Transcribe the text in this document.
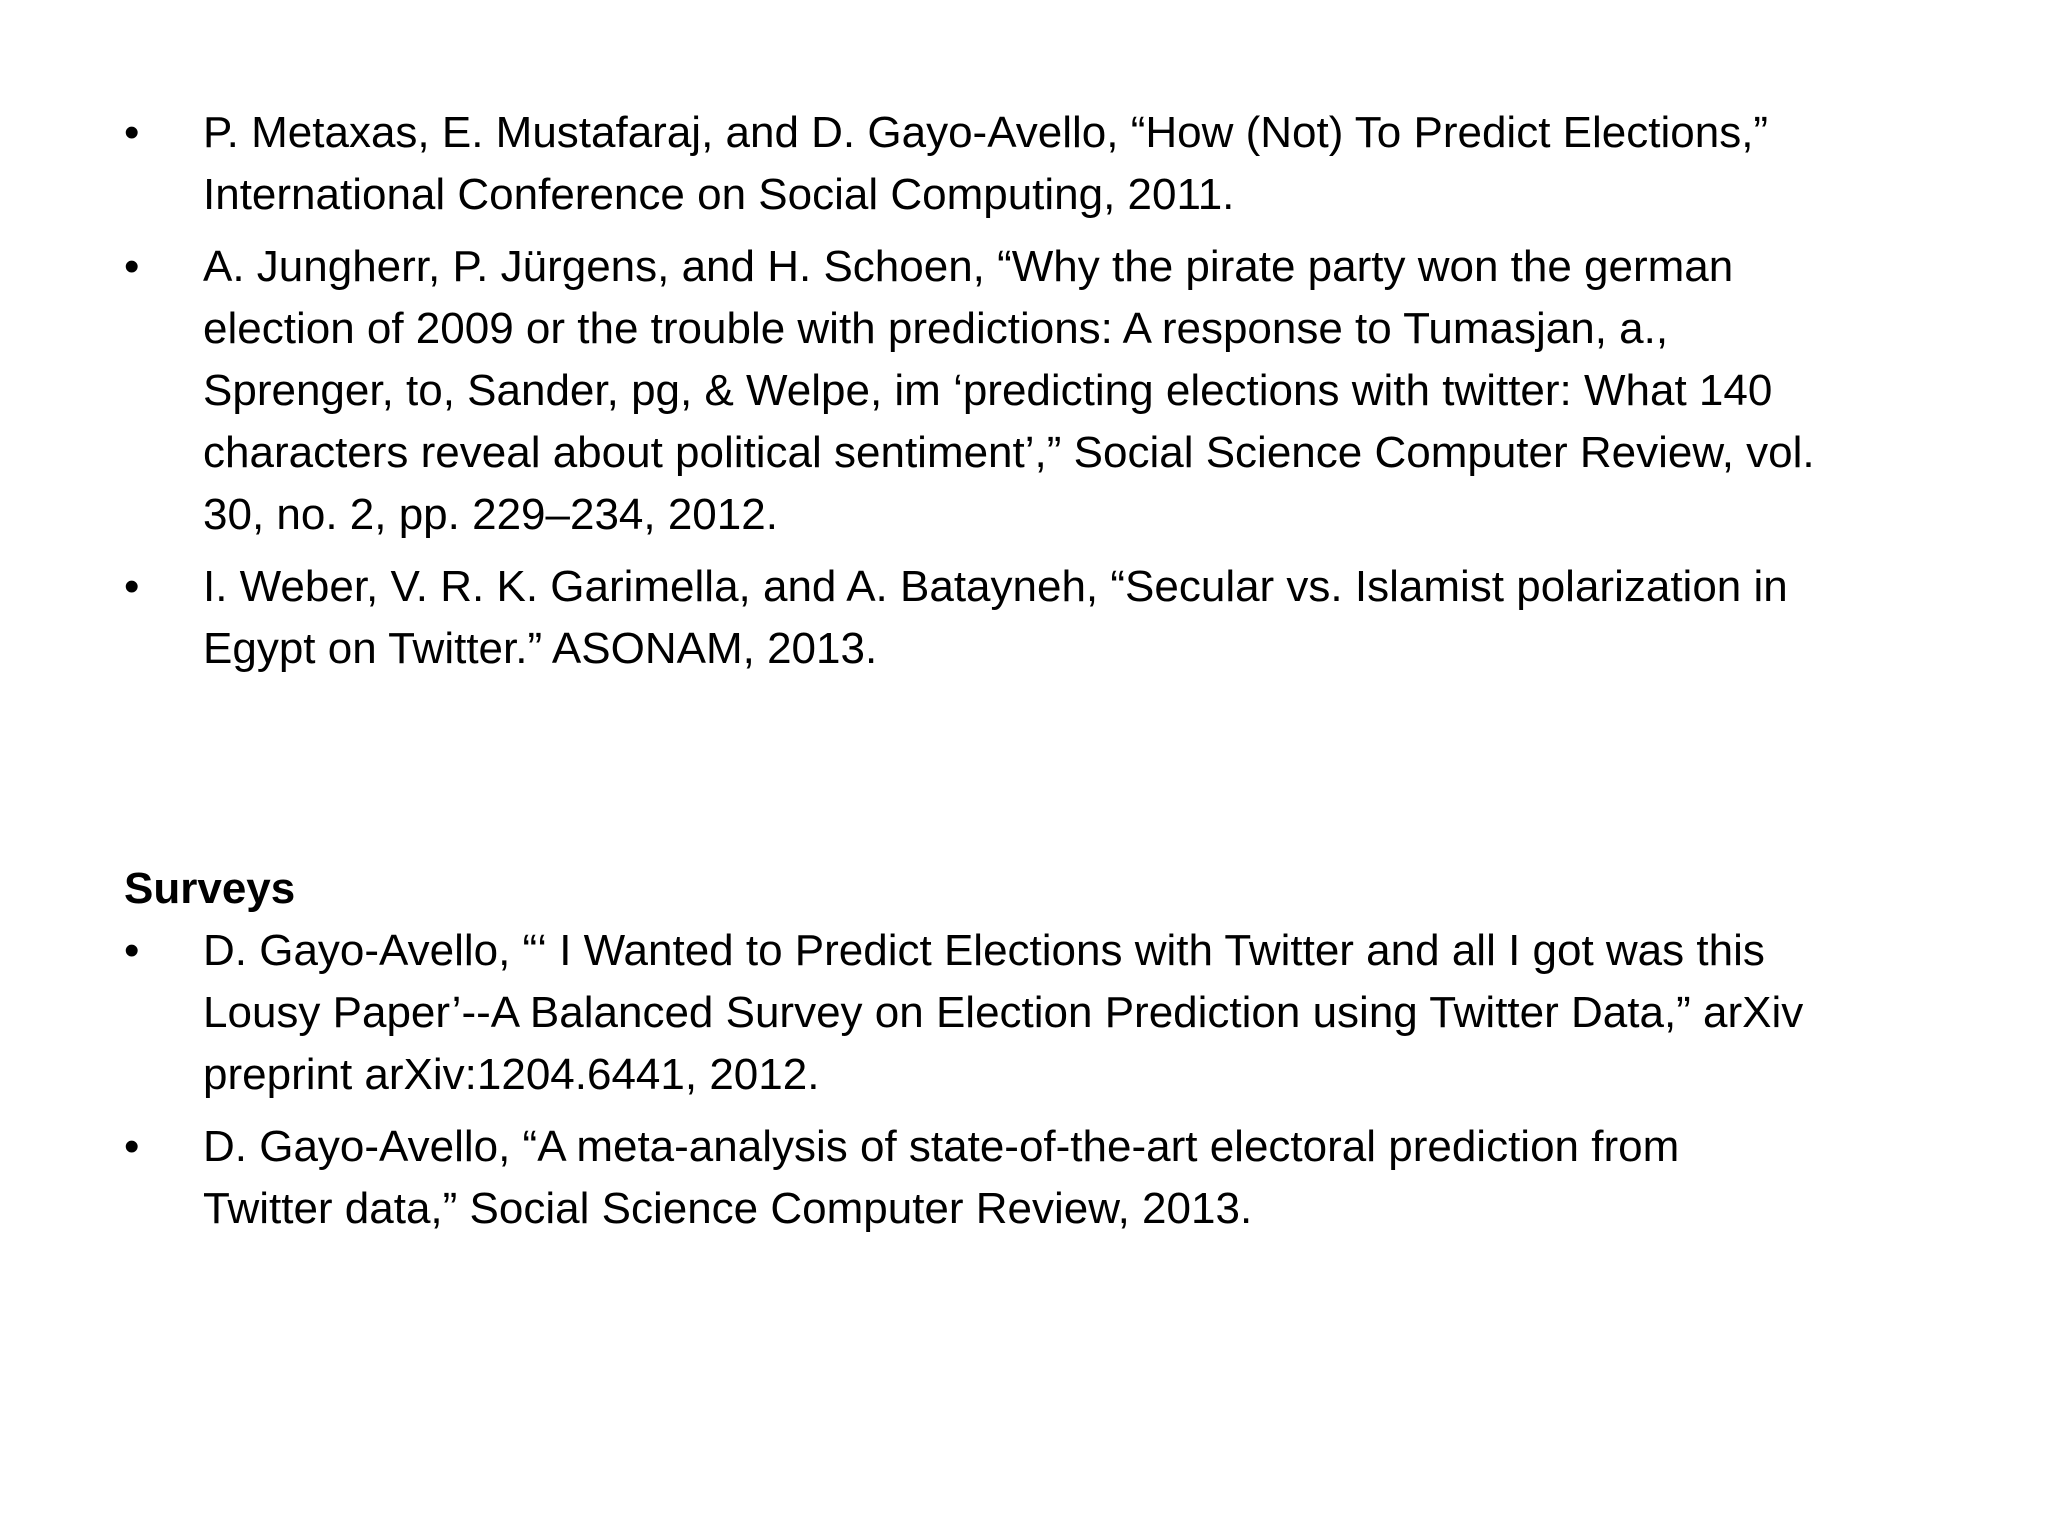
•	P. Metaxas, E. Mustafaraj, and D. Gayo-Avello, “How (Not) To Predict Elections,”
International Conference on Social Computing, 2011.
•	A. Jungherr, P. Jürgens, and H. Schoen, “Why the pirate party won the german
election of 2009 or the trouble with predictions: A response to Tumasjan, a.,
Sprenger, to, Sander, pg, & Welpe, im ‘predicting elections with twitter: What 140
characters reveal about political sentiment’,” Social Science Computer Review, vol.
30, no. 2, pp. 229–234, 2012.
•	I. Weber, V. R. K. Garimella, and A. Batayneh, “Secular vs. Islamist polarization in
Egypt on Twitter.” ASONAM, 2013.
Surveys
•	D. Gayo-Avello, “‘ I Wanted to Predict Elections with Twitter and all I got was this
Lousy Paper’--A Balanced Survey on Election Prediction using Twitter Data,” arXiv
preprint arXiv:1204.6441, 2012.
•	D. Gayo-Avello, “A meta-analysis of state-of-the-art electoral prediction from
Twitter data,” Social Science Computer Review, 2013.
